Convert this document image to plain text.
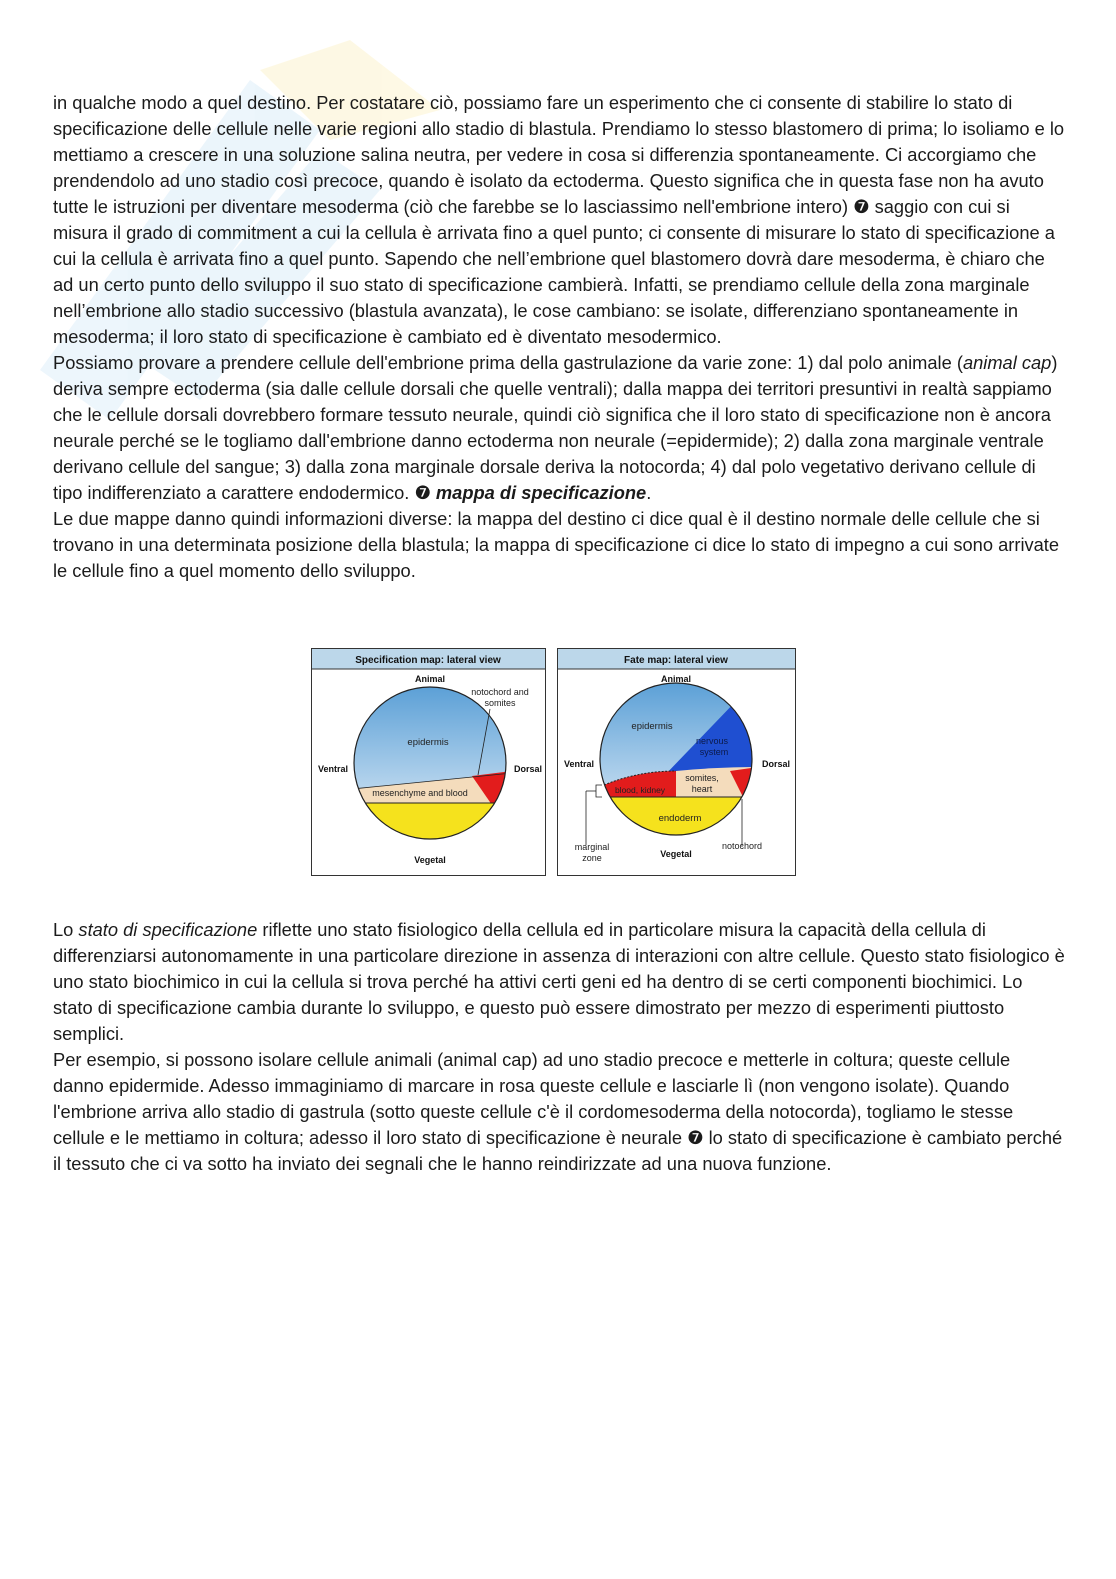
in qualche modo a quel destino. Per costatare ciò, possiamo fare un esperimento che ci consente di stabilire lo stato di specificazione delle cellule nelle varie regioni allo stadio di blastula. Prendiamo lo stesso blastomero di prima; lo isoliamo e lo mettiamo a crescere in una soluzione salina neutra, per vedere in cosa si differenzia spontaneamente. Ci accorgiamo che prendendolo ad uno stadio così precoce, quando è isolato da ectoderma. Questo significa che in questa fase non ha avuto tutte le istruzioni per diventare mesoderma (ciò che farebbe se lo lasciassimo nell'embrione intero) ❼ saggio con cui si misura il grado di commitment a cui la cellula è arrivata fino a quel punto; ci consente di misurare lo stato di specificazione a cui la cellula è arrivata fino a quel punto. Sapendo che nell’embrione quel blastomero dovrà dare mesoderma, è chiaro che ad un certo punto dello sviluppo il suo stato di specificazione cambierà. Infatti, se prendiamo cellule della zona marginale nell’embrione allo stadio successivo (blastula avanzata), le cose cambiano: se isolate, differenziano spontaneamente in mesoderma; il loro stato di specificazione è cambiato ed è diventato mesodermico.

Possiamo provare a prendere cellule dell'embrione prima della gastrulazione da varie zone: 1) dal polo animale (animal cap) deriva sempre ectoderma (sia dalle cellule dorsali che quelle ventrali); dalla mappa dei territori presuntivi in realtà sappiamo che le cellule dorsali dovrebbero formare tessuto neurale, quindi ciò significa che il loro stato di specificazione non è ancora neurale perché se le togliamo dall'embrione danno ectoderma non neurale (=epidermide); 2) dalla zona marginale ventrale derivano cellule del sangue; 3) dalla zona marginale dorsale deriva la notocorda; 4) dal polo vegetativo derivano cellule di tipo indifferenziato a carattere endodermico. ❼ mappa di specificazione.

Le due mappe danno quindi informazioni diverse: la mappa del destino ci dice qual è il destino normale delle cellule che si trovano in una determinata posizione della blastula; la mappa di specificazione ci dice lo stato di impegno a cui sono arrivate le cellule fino a quel momento dello sviluppo.

Specification map: lateral view
Animal
Vegetal
Ventral	Dorsal
notochord and
somites
epidermis
mesenchyme and blood
Fate map: lateral view
Animal
Vegetal
Ventral	Dorsal
epidermis
nervous
system
somites,
heart
blood, kidney
endoderm
marginal
zone
notochord

Lo stato di specificazione riflette uno stato fisiologico della cellula ed in particolare misura la capacità della cellula di differenziarsi autonomamente in una particolare direzione in assenza di interazioni con altre cellule. Questo stato fisiologico è uno stato biochimico in cui la cellula si trova perché ha attivi certi geni ed ha dentro di se certi componenti biochimici. Lo stato di specificazione cambia durante lo sviluppo, e questo può essere dimostrato per mezzo di esperimenti piuttosto semplici.

Per esempio, si possono isolare cellule animali (animal cap) ad uno stadio precoce e metterle in coltura; queste cellule danno epidermide. Adesso immaginiamo di marcare in rosa queste cellule e lasciarle lì (non vengono isolate). Quando l'embrione arriva allo stadio di gastrula (sotto queste cellule c'è il cordomesoderma della notocorda), togliamo le stesse cellule e le mettiamo in coltura; adesso il loro stato di specificazione è neurale ❼ lo stato di specificazione è cambiato perché il tessuto che ci va sotto ha inviato dei segnali che le hanno reindirizzate ad una nuova funzione.
